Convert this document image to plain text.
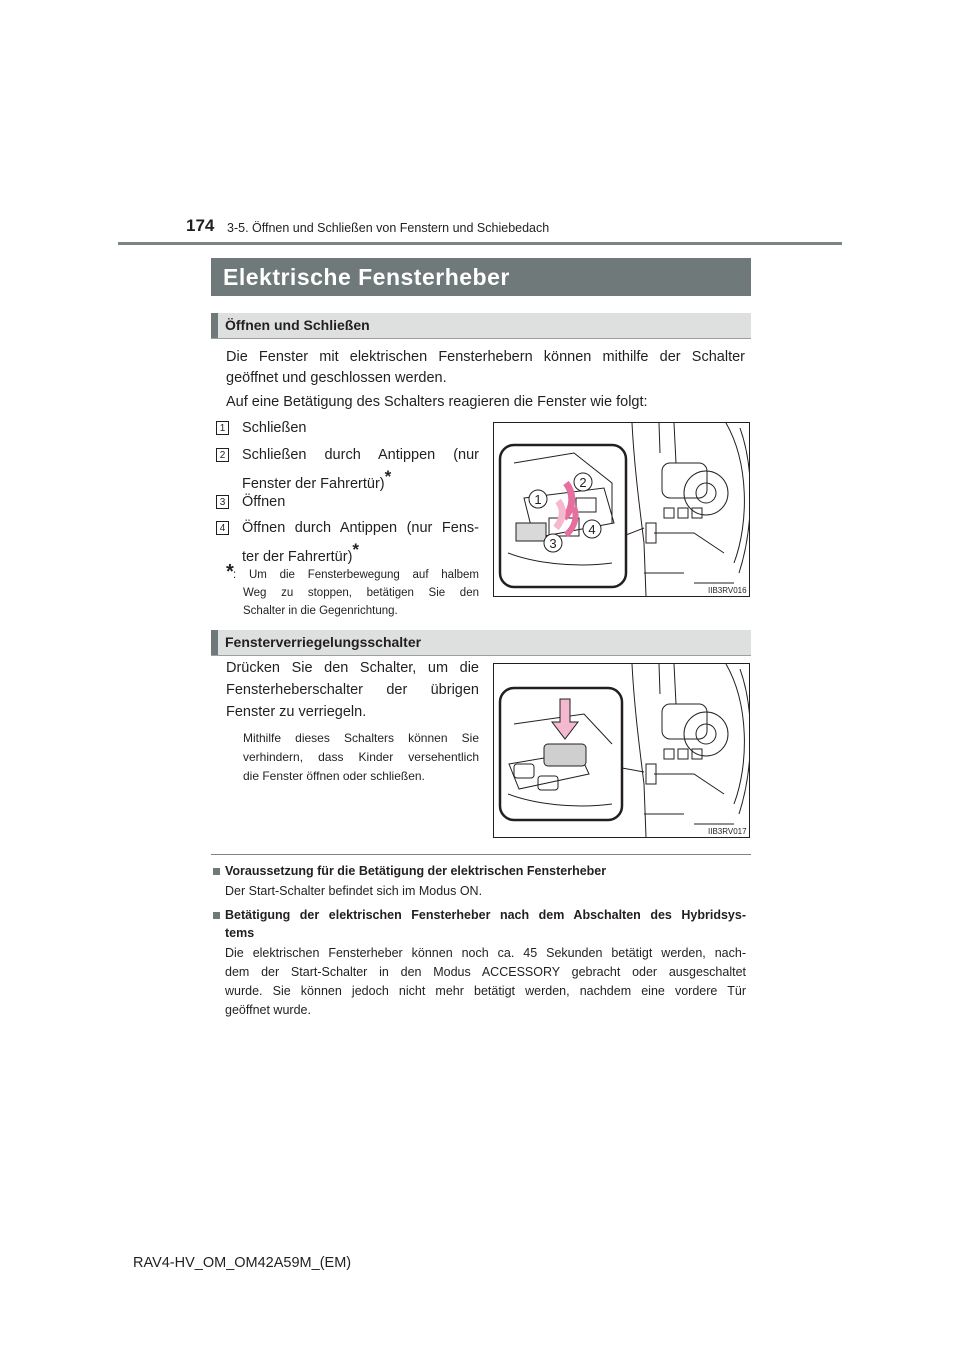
174 3-5. Öffnen und Schließen von Fenstern und Schiebedach
Elektrische Fensterheber
Öffnen und Schließen
Die Fenster mit elektrischen Fensterhebern können mithilfe der Schalter
geöffnet und geschlossen werden.
Auf eine Betätigung des Schalters reagieren die Fenster wie folgt:
1 Schließen
2 Schließen durch Antippen (nur
Fenster der Fahrertür)*
3 Öffnen
4 Öffnen durch Antippen (nur Fens-
ter der Fahrertür)*
* : Um die Fensterbewegung auf halbem
Weg zu stoppen, betätigen Sie den
Schalter in die Gegenrichtung.
1
2
3
4
IIB3RV016
Fensterverriegelungsschalter
Drücken Sie den Schalter, um die
Fensterheberschalter der übrigen
Fenster zu verriegeln.
Mithilfe dieses Schalters können Sie
verhindern, dass Kinder versehentlich
die Fenster öffnen oder schließen.
IIB3RV017
Voraussetzung für die Betätigung der elektrischen Fensterheber
Der Start-Schalter befindet sich im Modus ON.
Betätigung der elektrischen Fensterheber nach dem Abschalten des Hybridsys-
tems
Die elektrischen Fensterheber können noch ca. 45 Sekunden betätigt werden, nach-
dem der Start-Schalter in den Modus ACCESSORY gebracht oder ausgeschaltet
wurde. Sie können jedoch nicht mehr betätigt werden, nachdem eine vordere Tür
geöffnet wurde.
RAV4-HV_OM_OM42A59M_(EM)
